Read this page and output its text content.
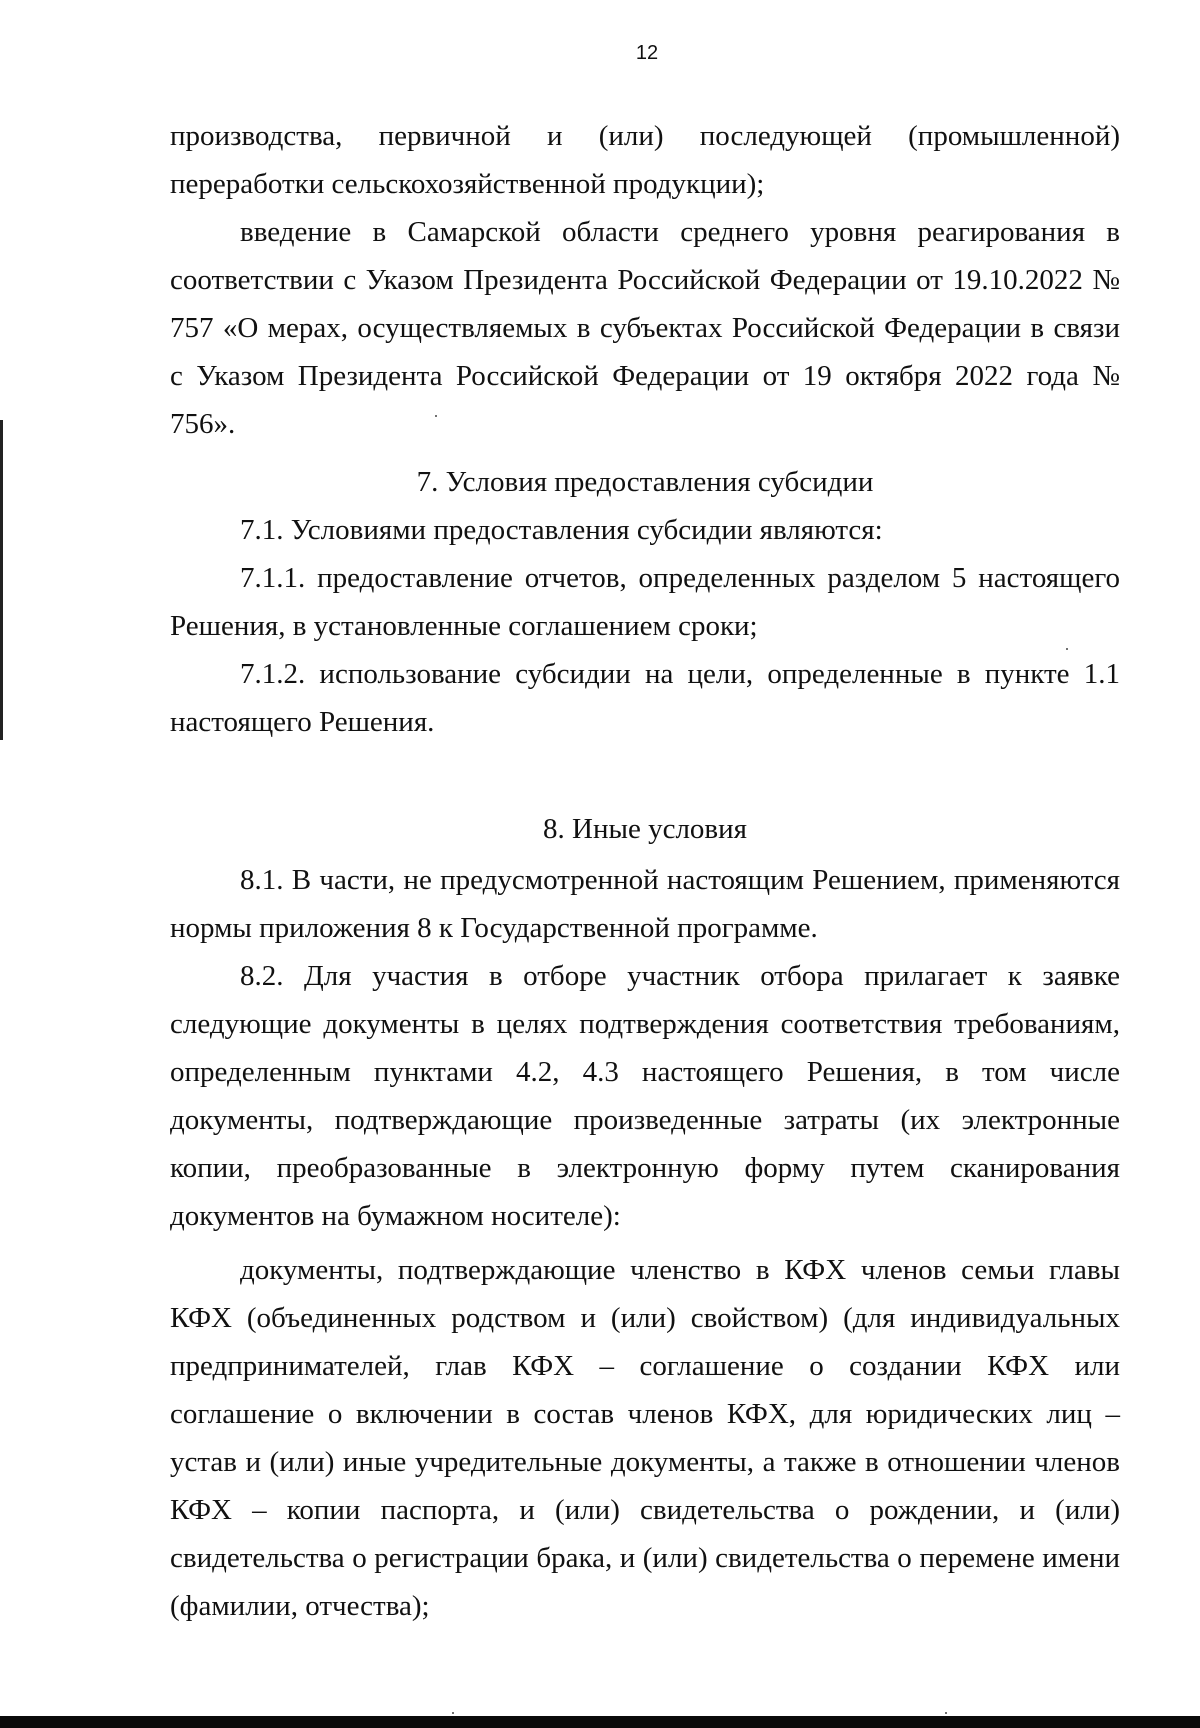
12

производства, первичной и (или) последующей (промышленной) переработки сельскохозяйственной продукции);

введение в Самарской области среднего уровня реагирования в соответствии с Указом Президента Российской Федерации от 19.10.2022 № 757 «О мерах, осуществляемых в субъектах Российской Федерации в связи с Указом Президента Российской Федерации от 19 октября 2022 года № 756».

7. Условия предоставления субсидии

7.1. Условиями предоставления субсидии являются:

7.1.1. предоставление отчетов, определенных разделом 5 настоящего Решения, в установленные соглашением сроки;

7.1.2. использование субсидии на цели, определенные в пункте 1.1 настоящего Решения.

8. Иные условия

8.1. В части, не предусмотренной настоящим Решением, применяются нормы приложения 8 к Государственной программе.

8.2. Для участия в отборе участник отбора прилагает к заявке следующие документы в целях подтверждения соответствия требованиям, определенным пунктами 4.2, 4.3 настоящего Решения, в том числе документы, подтверждающие произведенные затраты (их электронные копии, преобразованные в электронную форму путем сканирования документов на бумажном носителе):

документы, подтверждающие членство в КФХ членов семьи главы КФХ (объединенных родством и (или) свойством) (для индивидуальных предпринимателей, глав КФХ – соглашение о создании КФХ или соглашение о включении в состав членов КФХ, для юридических лиц – устав и (или) иные учредительные документы, а также в отношении членов КФХ – копии паспорта, и (или) свидетельства о рождении, и (или) свидетельства о регистрации брака, и (или) свидетельства о перемене имени (фамилии, отчества);
